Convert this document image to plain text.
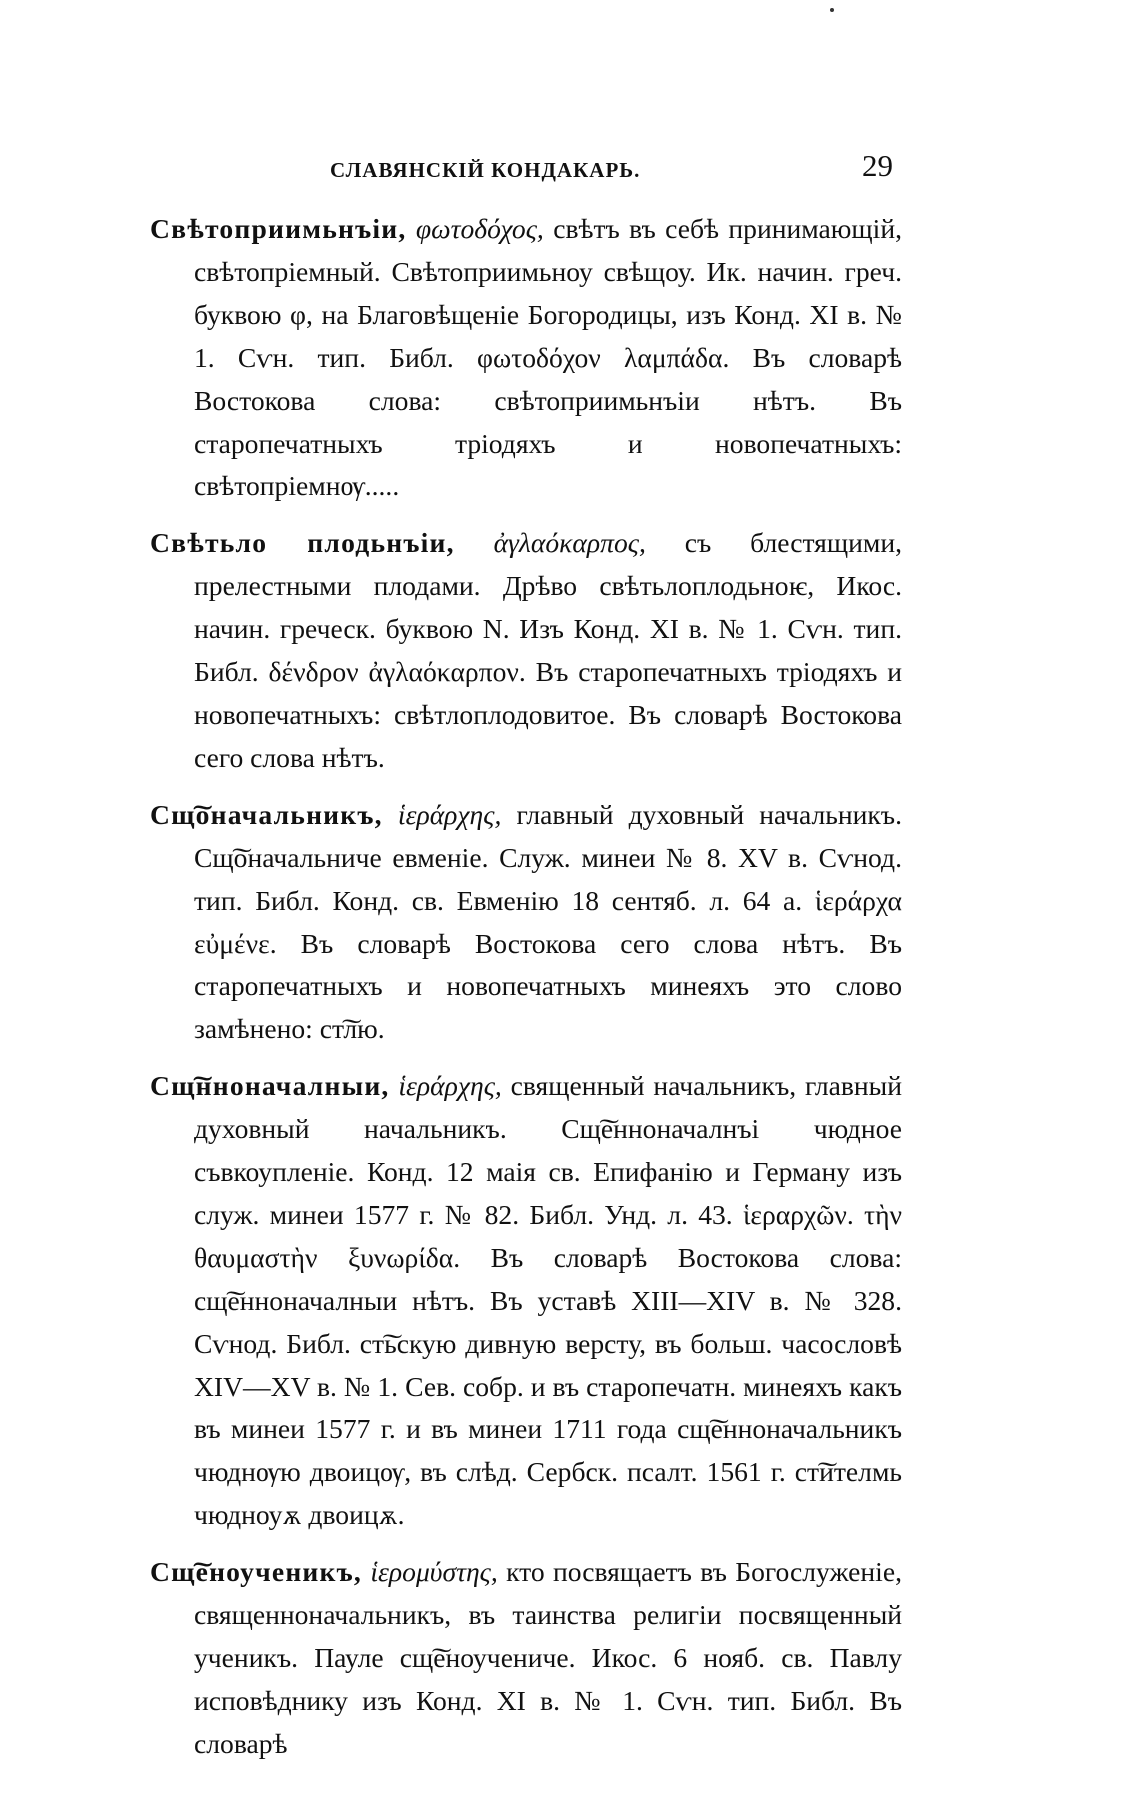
СЛАВЯНСКІЙ КОНДАКАРЬ.	29

Свѣтоприимьнъіи, φωτοδόχος, свѣтъ въ себѣ принимающій, свѣтопріемный. Свѣтоприимьноу свѣщоу. Ик. начин. греч. буквою φ, на Благовѣщеніе Богородицы, изъ Конд. XI в. № 1. Сѵн. тип. Библ. φωτοδόχον λαμπάδα. Въ словарѣ Востокова слова: свѣтоприимьнъіи нѣтъ. Въ старопечатныхъ тріодяхъ и новопечатныхъ: свѣтопріемнѹ.....

Свѣтьло плодьнъіи, ἀγλαόκαρπος, съ блестящими, прелестными плодами. Дрѣво свѣтьлоплодьноѥ, Икос. начин. греческ. буквою N. Изъ Конд. XI в. № 1. Сѵн. тип. Библ. δένδρον ἀγλαόκαρπον. Въ старопечатныхъ тріодяхъ и новопечатныхъ: свѣтлоплодовитое. Въ словарѣ Востокова сего слова нѣтъ.

Сщ͠оначальникъ, ἱεράρχης, главный духовный начальникъ. Сщ͠оначальниче евменіе. Служ. минеи № 8. XV в. Сѵнод. тип. Библ. Конд. св. Евменію 18 сентяб. л. 64 а. ἱεράρχα εὐμένε. Въ словарѣ Востокова сего слова нѣтъ. Въ старопечатныхъ и новопечатныхъ минеяхъ это слово замѣнено: ст͠лю.

Сщ͠нноначалныи, ἱεράρχης, священный начальникъ, главный духовный начальникъ. Сщ͠енноначалнъі чюдное съвкоупленіе. Конд. 12 маія св. Епифанію и Герману изъ служ. минеи 1577 г. № 82. Библ. Унд. л. 43. ἱεραρχῶν. τὴν θαυμαστὴν ξυνωρίδα. Въ словарѣ Востокова слова: сщ͠енноначалныи нѣтъ. Въ уставѣ XIII—XIV в. № 328. Сѵнод. Библ. ст͠ьскую дивную версту, въ больш. часословѣ XIV—XV в. № 1. Сев. собр. и въ старопечатн. минеяхъ какъ въ минеи 1577 г. и въ минеи 1711 года сщ͠енноначальникъ чюднѹю двоицѹ, въ слѣд. Сербск. псалт. 1561 г. ст͠ителмь чюдноуѫ двоицѫ.

Сщ͠еноученикъ, ἱερομύστης, кто посвящаетъ въ Богослуженіе, священноначальникъ, въ таинства религіи посвященный ученикъ. Пауле сщ͠еноучениче. Икос. 6 нояб. св. Павлу исповѣднику изъ Конд. XI в. № 1. Сѵн. тип. Библ. Въ словарѣ
